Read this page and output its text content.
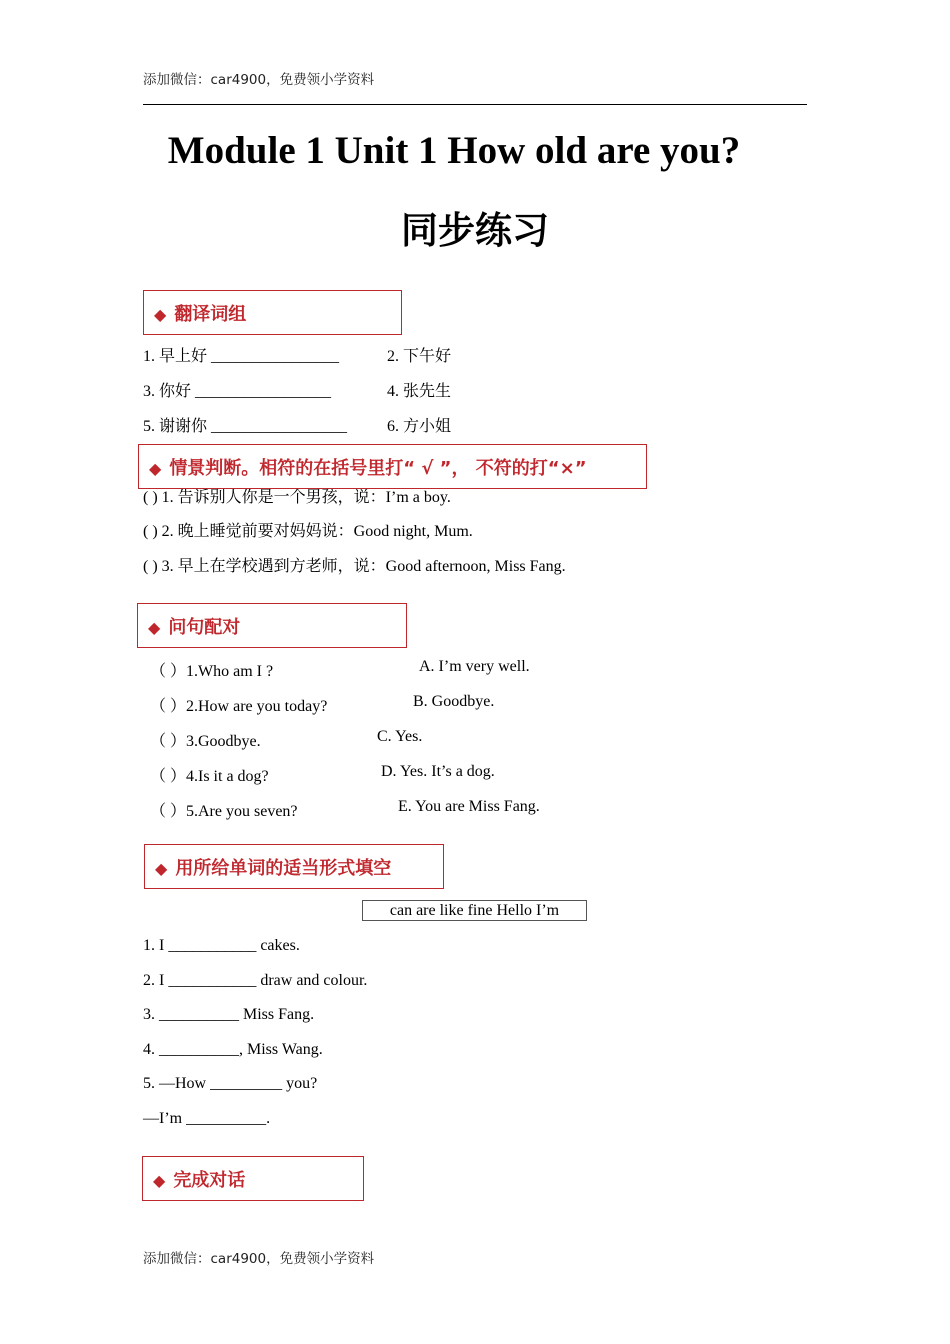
添加微信：car4900，免费领小学资料
Module 1 Unit 1 How old are you?
同步练习
◆ 翻译词组
1. 早上好 ________________	2. 下午好
3. 你好 _________________	4. 张先生
5. 谢谢你 _________________ 6. 方小姐
( ) 1. 告诉别人你是一个男孩，说：I’m a boy.
◆ 情景判断。相符的在括号里打“ √ ”， 不符的打“×”
( ) 2. 晚上睡觉前要对妈妈说：Good night, Mum.
( ) 3. 早上在学校遇到方老师，说：Good afternoon, Miss Fang.
◆ 问句配对
（ ）1.Who am I ?	A. I’m very well.
（ ）2.How are you today?	B. Goodbye.
（ ）3.Goodbye.	C. Yes.
（ ）4.Is it a dog?	D. Yes. It’s a dog.
（ ）5.Are you seven?	E. You are Miss Fang.
◆ 用所给单词的适当形式填空
can are like fine Hello I’m
1. I ___________ cakes.
2. I ___________ draw and colour.
3. __________ Miss Fang.
4. __________, Miss Wang.
5. —How _________ you?
—I’m __________.
◆ 完成对话
添加微信：car4900，免费领小学资料
